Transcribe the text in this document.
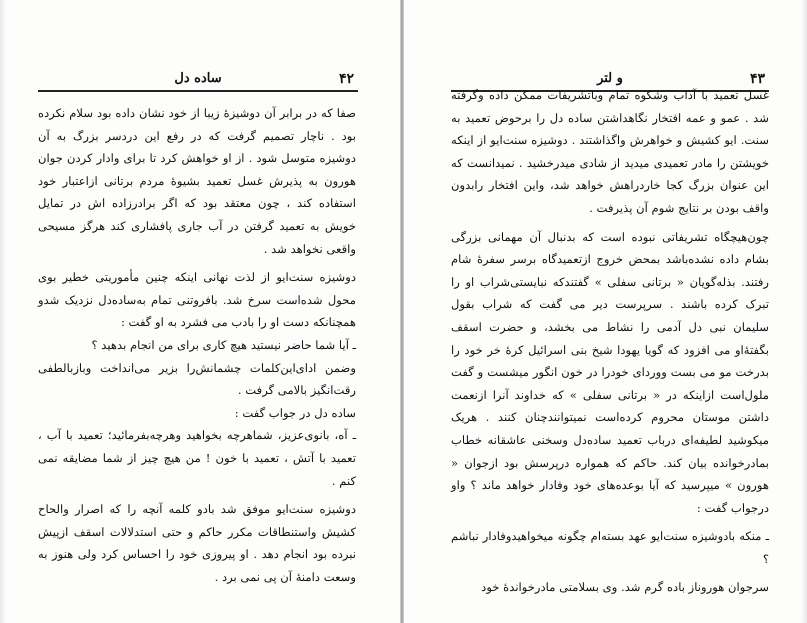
۴۲
ساده دل

صفا که در برابر آن دوشیزهٔ زیبا از خود نشان داده بود سلام نکرده بود . ناچار تصمیم گرفت که در رفع این دردسر بزرگ به آن دوشیزه متوسل شود . از او خواهش کرد تا برای وادار کردن جوان هورون به پذیرش غسل تعمید بشیوهٔ مردم برتانی ازاعتبار خود استفاده کند ، چون معتقد بود که اگر برادرزاده اش در تمایل خویش به تعمید گرفتن در آب جاری پافشاری کند هرگز مسیحی واقعی نخواهد شد .

دوشیزه سنت‌ایو از لذت نهانی اینکه چنین مأموریتی خطیر بوی محول شده‌است سرخ شد. بافروتنی تمام به‌ساده‌دل نزدیک شدو همچنانکه دست او را بادب می فشرد به او گفت :

ـ آیا شما حاضر نیستید هیچ کاری برای من انجام بدهید ؟

وضمن ادای‌این‌کلمات چشمانش‌را بزیر می‌انداخت وبازبالطفی رقت‌انگیز بالامی گرفت .

ساده دل در جواب گفت :

ـ آه، بانوی‌عزیز، شماهرچه بخواهید وهرچه‌بفرمائید؛ تعمید با آب ، تعمید با آتش ، تعمید با خون ! من هیچ چیز از شما مضایقه نمی کنم .

دوشیزه سنت‌ایو موفق شد بادو کلمه آنچه را که اصرار والحاح کشیش واستنطاقات مکرر حاکم و حتی استدلالات اسقف ازپیش نبرده بود انجام دهد . او پیروزی خود را احساس کرد ولی هنوز به وسعت دامنهٔ آن پی نمی برد .

۴۳
و لتر

غسل تعمید با آداب وشکوه تمام وباتشریفات ممکن داده وگرفته شد . عمو و عمه افتخار نگاهداشتن ساده دل را برحوض تعمید به سنت. ایو کشیش و خواهرش واگذاشتند . دوشیزه سنت‌ایو از اینکه خویشتن را مادر تعمیدی میدید از شادی میدرخشید . نمیدانست که این عنوان بزرگ کجا خاردراهش خواهد شد، واین افتخار رابدون واقف بودن بر نتایج شوم آن پذیرفت .

چون‌هیچگاه تشریفاتی نبوده است که بدنبال آن مهمانی بزرگی بشام داده نشده‌باشد بمحض خروج ازتعمیدگاه برسر سفرهٔ شام رفتند. بذله‌گویان « برتانی سفلی » گفتندکه نبایستی‌شراب او را تبرک کرده باشند . سرپرست دیر می گفت که شراب بقول سلیمان نبی دل آدمی را نشاط می بخشد، و حضرت اسقف بگفته‌ٔاو می افزود که گویا یهودا شیخ بنی اسرائیل کرهٔ خر خود را بدرخت مو می بست ووردای خودرا در خون انگور میشست و گفت ملول‌است ازاینکه در « برتانی سفلی » که خداوند آنرا ازنعمت داشتن موستان محروم کرده‌است نمیتوانندچنان کنند . هریک میکوشید لطیفه‌ای درباب تعمید ساده‌دل وسخنی عاشقانه خطاب بمادرخوانده بیان کند. حاکم که همواره درپرسش بود ازجوان « هورون » میپرسید که آیا بوعده‌های خود وفادار خواهد ماند ؟ واو درجواب گفت :

ـ منکه بادوشیزه سنت‌ایو عهد بسته‌ام چگونه میخواهیدوفادار نباشم ؟

سرجوان هوروناز باده گرم شد. وی بسلامتی مادرخواندهٔ خود
